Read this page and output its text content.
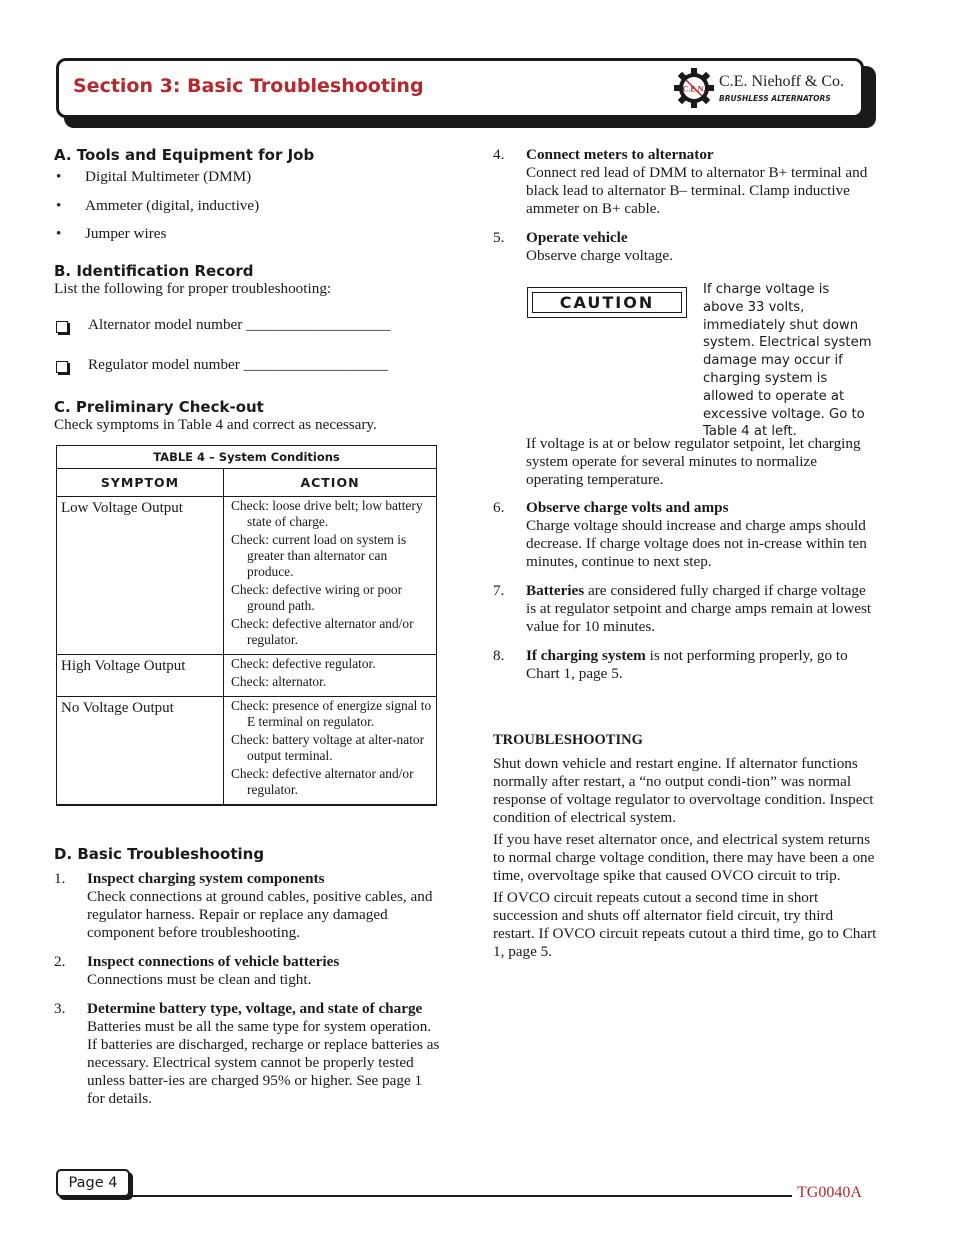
Section 3: Basic Troubleshooting	C.E.N. C.E. Niehoff & Co.
BRUSHLESS ALTERNATORS
A. Tools and Equipment for Job
• Digital Multimeter (DMM)
• Ammeter (digital, inductive)
• Jumper wires
B. Identification Record
List the following for proper troubleshooting:
Alternator model number ___________________
Regulator model number ___________________
C. Preliminary Check-out
Check symptoms in Table 4 and correct as necessary.
TABLE 4 – System Conditions	
SYMPTOM	ACTION
Low Voltage Output	Check: loose drive belt; low battery state of charge.
Check: current load on system is greater than alternator can produce.
Check: defective wiring or poor ground path.
Check: defective alternator and/or regulator.

High Voltage Output	Check: defective regulator.
Check: alternator.

No Voltage Output	Check: presence of energize signal to E terminal on regulator.
Check: battery voltage at alter-nator output terminal.
Check: defective alternator and/or regulator.
D. Basic Troubleshooting
1. Inspect charging system components
Check connections at ground cables, positive cables, and regulator harness. Repair or replace any damaged component before troubleshooting.
2. Inspect connections of vehicle batteries
Connections must be clean and tight.
3. Determine battery type, voltage, and state of charge
Batteries must be all the same type for system operation. If batteries are discharged, recharge or replace batteries as necessary. Electrical system cannot be properly tested unless batter-ies are charged 95% or higher. See page 1 for details.
4. Connect meters to alternator
Connect red lead of DMM to alternator B+ terminal and black lead to alternator B– terminal. Clamp inductive ammeter on B+ cable.
5. Operate vehicle
Observe charge voltage.
CAUTION
If charge voltage is above 33 volts, immediately shut down system. Electrical system damage may occur if charging system is allowed to operate at excessive voltage. Go to Table 4 at left.
If voltage is at or below regulator setpoint, let charging system operate for several minutes to normalize operating temperature.
6. Observe charge volts and amps
Charge voltage should increase and charge amps should decrease. If charge voltage does not in-crease within ten minutes, continue to next step.
7. Batteries are considered fully charged if charge voltage is at regulator setpoint and charge amps remain at lowest value for 10 minutes.
8. If charging system is not performing properly, go to Chart 1, page 5.
TROUBLESHOOTING
Shut down vehicle and restart engine. If alternator functions normally after restart, a “no output condi-tion” was normal response of voltage regulator to overvoltage condition. Inspect condition of electrical system.
If you have reset alternator once, and electrical system returns to normal charge voltage condition, there may have been a one time, overvoltage spike that caused OVCO circuit to trip.
If OVCO circuit repeats cutout a second time in short succession and shuts off alternator field circuit, try third restart. If OVCO circuit repeats cutout a third time, go to Chart 1, page 5.
Page 4
TG0040A
